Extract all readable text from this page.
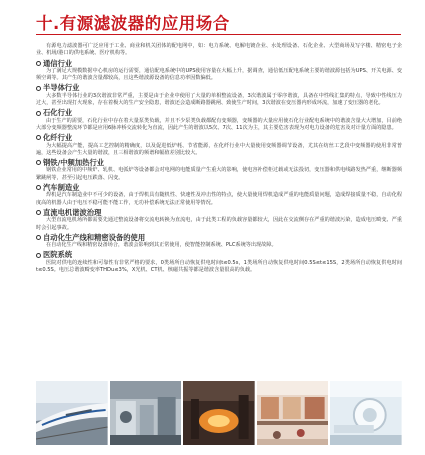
十.有源滤波器的应用场合

有源电力滤波器可广泛应用于工业、商业和机关团体的配电网中，如：电力系统、电解电镀企业、水处理设备、石化企业、大型商场及写字楼、精密电子企业、机场/港口的供电系统、医疗机构等。

通信行业

为了满足大规模数据中心机房的运行需要，通信配电系统中的UPS使用容量在大幅上升，据调查，通信低压配电系统主要的谐波源包括为UPS、开关电源、变频空调等。其产生的谐波含量都较高，且这些谐波源设备的信息功率因数偏低。

半导体行业

大多数半导体行业的3次谐波非常严重，主要是由于企业中使用了大量的单相整流设备，3次谐波属于零序谐波，具备在中性线汇集的特点，导致中性线压力过大，甚至出现打火现象，存在着极大的生产安全隐患，谐波还会造成断路器跳闸、致使生产时间，3次谐波在变压器内形成环流，加速了变压器的老化。

石化行业

由于生产的需要，石化行业中存在着大量泵类负载，并且不少泵类负载都配有变频器，变频器的大量应用使石化行业配电系统中的谐波含量大大增加，目前绝大部分变频器整流环节都是应用6脉冲桥交流转化为直流，因此产生的谐波以5次、7次、11次为主，其主要危害表现为对电力设备的危害及对计量方面的隐患。

化纤行业

为大幅提高产能，提高工艺控制的精确度，以及促进低炉耗、节省能源，在化纤行业中大量使用变频器调节设备，尤其在纺丝工艺段中变频器的使用非常普遍，这些设备会产生大量的谐波，且三相谐波的频谱和幅值差别比较大。

钢铁/中频加热行业

钢铁企业常用的中频炉、轧机、电弧炉等设备都会对电网的电能质量产生重大的影响，使电容补偿柜过载或无法投切，变压器和供电线路发热严重，继断器频繁跳闸等，甚至引起电压跌落、闪变。

汽车制造业

焊机是汽车制造业中不可少的设备，由于焊机具有随机性、快速性及冲击性的特点，使大量使用焊机造成严重的电能质量问题，造成焊接质量不稳，自动化程度高的机器人由于电压不稳可能不能工作，无功补偿系统无法正常使用等情况。

直流电机谐波治理

大型直流电机场所都需要先通过整流设备将交流电转换为直流电，由于此类工程的负载容量都较大，因此在交流侧存在严重的谐波污染，造成电压畸变、严重时会引起事故。

自动化生产线和精密设备的使用

在自动化生产线和精密设备场合，谐波会影响到其正常使用，使智能控制系统、PLC系统等出现故障。

医院系统

医院对供电的连续性和可靠性有非常严格的要求，0类场所自动恢复供电时间t≤0.5s，1类场所自动恢复供电时间0.5S≤t≤15S，2类场所自动恢复供电时间t≤0.5S。电压总谐波畸变率THDu≤3%，X光机、CT机、核磁共振等都是谐波含量很高的负载。
